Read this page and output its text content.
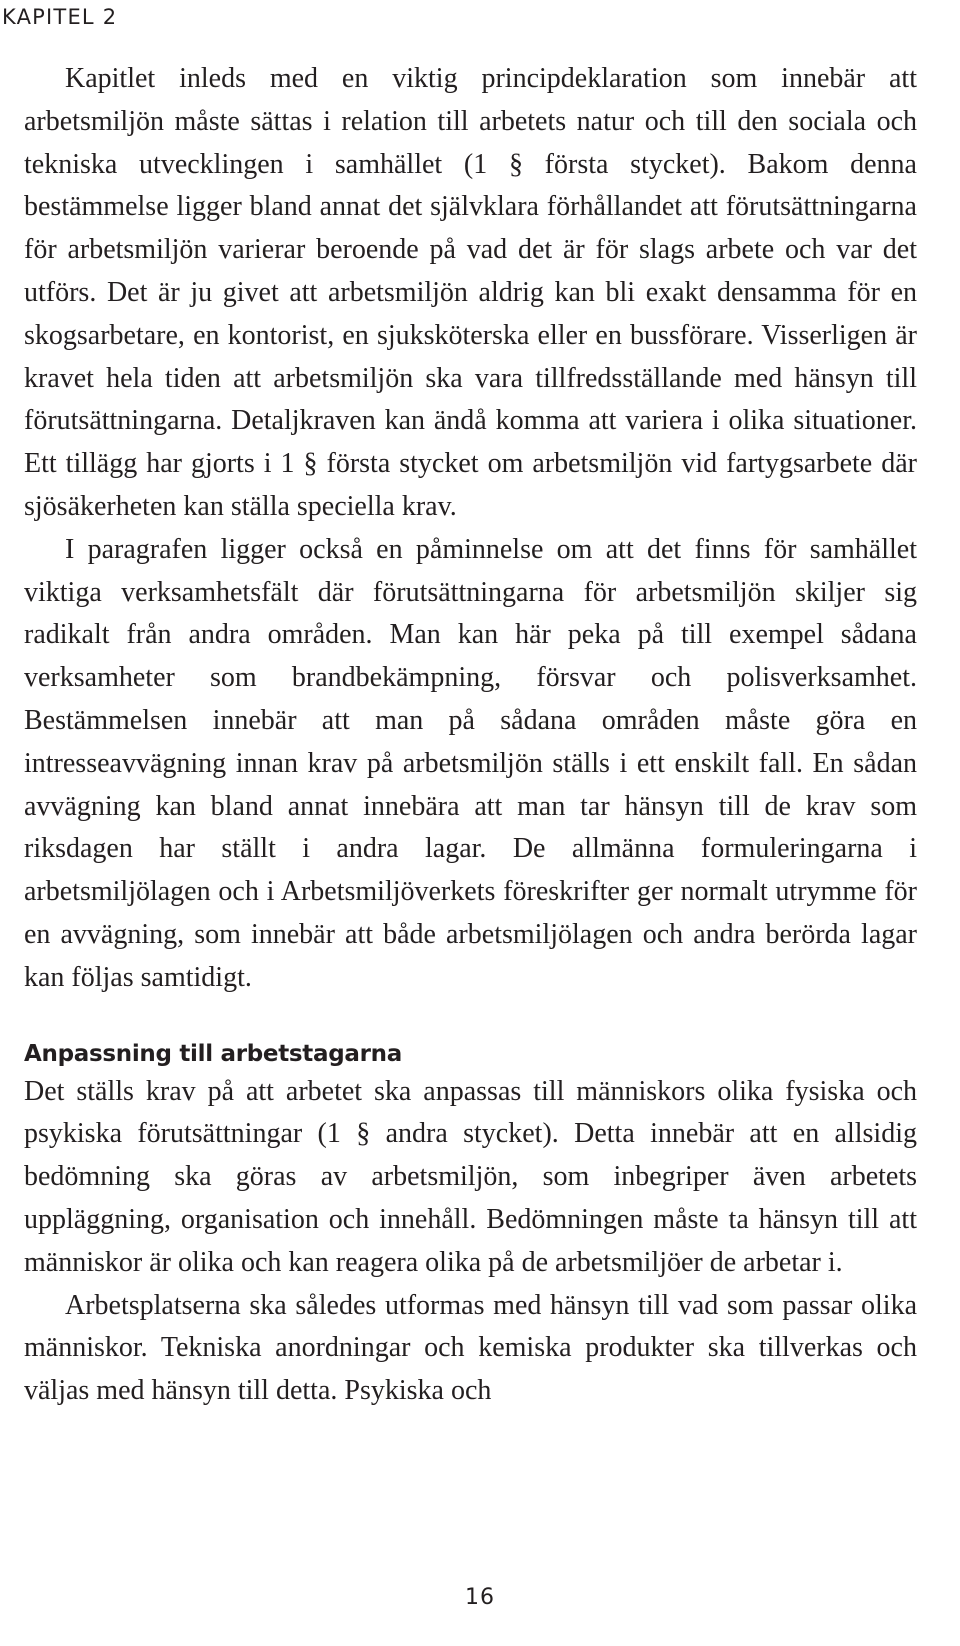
KAPITEL 2

Kapitlet inleds med en viktig principdeklaration som innebär att arbetsmiljön måste sättas i relation till arbetets natur och till den sociala och tekniska utvecklingen i samhället (1 § första stycket). Bakom denna bestämmelse ligger bland annat det självklara förhållandet att förutsättningarna för arbetsmiljön varierar beroende på vad det är för slags arbete och var det utförs. Det är ju givet att arbetsmiljön aldrig kan bli exakt densamma för en skogsarbetare, en kontorist, en sjuksköterska eller en bussförare. Visserligen är kravet hela tiden att arbetsmiljön ska vara tillfredsställande med hänsyn till förutsättningarna. Detaljkraven kan ändå komma att variera i olika situationer. Ett tillägg har gjorts i 1 § första stycket om arbetsmiljön vid fartygsarbete där sjösäkerheten kan ställa speciella krav.

I paragrafen ligger också en påminnelse om att det finns för samhället viktiga verksamhetsfält där förutsättningarna för arbetsmiljön skiljer sig radikalt från andra områden. Man kan här peka på till exempel sådana verksamheter som brandbekämpning, försvar och polisverksamhet. Bestämmelsen innebär att man på sådana områden måste göra en intresseavvägning innan krav på arbetsmiljön ställs i ett enskilt fall. En sådan avvägning kan bland annat innebära att man tar hänsyn till de krav som riksdagen har ställt i andra lagar. De allmänna formuleringarna i arbetsmiljölagen och i Arbetsmiljöverkets föreskrifter ger normalt utrymme för en avvägning, som innebär att både arbetsmiljölagen och andra berörda lagar kan följas samtidigt.

Anpassning till arbetstagarna

Det ställs krav på att arbetet ska anpassas till människors olika fysiska och psykiska förutsättningar (1 § andra stycket). Detta innebär att en allsidig bedömning ska göras av arbetsmiljön, som inbegriper även arbetets uppläggning, organisation och innehåll. Bedömningen måste ta hänsyn till att människor är olika och kan reagera olika på de arbetsmiljöer de arbetar i.

Arbetsplatserna ska således utformas med hänsyn till vad som passar olika människor. Tekniska anordningar och kemiska produkter ska tillverkas och väljas med hänsyn till detta. Psykiska och

16
